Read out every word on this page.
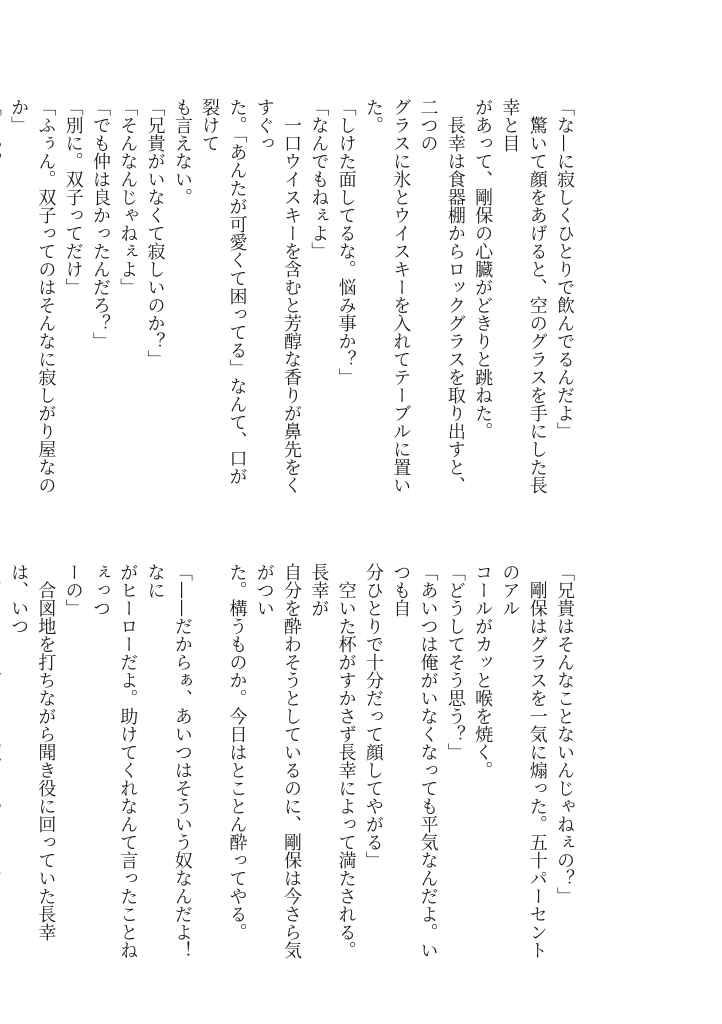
「な—に寂しくひとりで飲んでるんだよ」

　驚いて顔をあげると、空のグラスを手にした長幸と目

があって、剛保の心臓がどきりと跳ねた。

　長幸は食器棚からロックグラスを取り出すと、二つの

グラスに氷とウイスキーを入れてテーブルに置いた。

「しけた面してるな。悩み事か？」

「なんでもねぇよ」

　一口ウイスキーを含むと芳醇な香りが鼻先をくすぐっ

た。「あんたが可愛くて困ってる」なんて、口が裂けて

も言えない。

「兄貴がいなくて寂しいのか？」

「そんなんじゃねぇよ」

「でも仲は良かったんだろ？」

「別に。双子ってだけ」

「ふぅん。双子ってのはそんなに寂しがり屋なのか」

「兄貴はそんなことないんじゃねぇの？」

　剛保はグラスを一気に煽った。五十パーセントのアル

コールがカッと喉を焼く。

「どうしてそう思う？」

「あいつは俺がいなくなっても平気なんだよ。いつも自

分ひとりで十分だって顔してやがる」

　空いた杯がすかさず長幸によって満たされる。長幸が

自分を酔わそうとしているのに、剛保は今さら気がつい

た。構うものか。今日はとことん酔ってやる。

「——だからぁ、あいつはそういう奴なんだよ！　なに

がヒーローだよ。助けてくれなんて言ったことねぇっつ

ーの」

　合図地を打ちながら聞き役に回っていた長幸は、いつ
